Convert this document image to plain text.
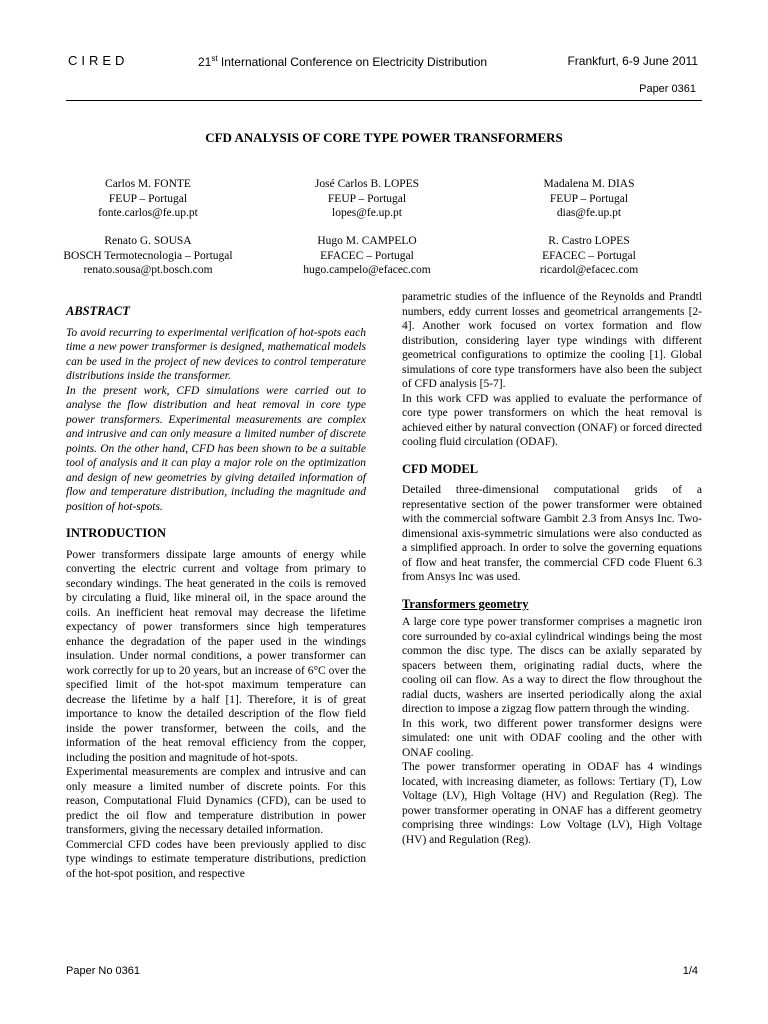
CIRED	21st International Conference on Electricity Distribution	Frankfurt, 6-9 June 2011
Paper 0361
CFD ANALYSIS OF CORE TYPE POWER TRANSFORMERS
Carlos M. FONTE
FEUP – Portugal
fonte.carlos@fe.up.pt
José Carlos B. LOPES
FEUP – Portugal
lopes@fe.up.pt
Madalena M. DIAS
FEUP – Portugal
dias@fe.up.pt
Renato G. SOUSA
BOSCH Termotecnologia – Portugal
renato.sousa@pt.bosch.com
Hugo M. CAMPELO
EFACEC – Portugal
hugo.campelo@efacec.com
R. Castro LOPES
EFACEC – Portugal
ricardol@efacec.com
ABSTRACT

To avoid recurring to experimental verification of hot-spots each time a new power transformer is designed, mathematical models can be used in the project of new devices to control temperature distributions inside the transformer.

In the present work, CFD simulations were carried out to analyse the flow distribution and heat removal in core type power transformers. Experimental measurements are complex and intrusive and can only measure a limited number of discrete points. On the other hand, CFD has been shown to be a suitable tool of analysis and it can play a major role on the optimization and design of new geometries by giving detailed information of flow and temperature distribution, including the magnitude and position of hot-spots.

INTRODUCTION

Power transformers dissipate large amounts of energy while converting the electric current and voltage from primary to secondary windings. The heat generated in the coils is removed by circulating a fluid, like mineral oil, in the space around the coils. An inefficient heat removal may decrease the lifetime expectancy of power transformers since high temperatures enhance the degradation of the paper used in the windings insulation. Under normal conditions, a power transformer can work correctly for up to 20 years, but an increase of 6°C over the specified limit of the hot-spot maximum temperature can decrease the lifetime by a half [1]. Therefore, it is of great importance to know the detailed description of the flow field inside the power transformer, between the coils, and the information of the heat removal efficiency from the copper, including the position and magnitude of hot-spots.

Experimental measurements are complex and intrusive and can only measure a limited number of discrete points. For this reason, Computational Fluid Dynamics (CFD), can be used to predict the oil flow and temperature distribution in power transformers, giving the necessary detailed information.

Commercial CFD codes have been previously applied to disc type windings to estimate temperature distributions, prediction of the hot-spot position, and respective

parametric studies of the influence of the Reynolds and Prandtl numbers, eddy current losses and geometrical arrangements [2-4]. Another work focused on vortex formation and flow distribution, considering layer type windings with different geometrical configurations to optimize the cooling [1]. Global simulations of core type transformers have also been the subject of CFD analysis [5-7].

In this work CFD was applied to evaluate the performance of core type power transformers on which the heat removal is achieved either by natural convection (ONAF) or forced directed cooling fluid circulation (ODAF).

CFD MODEL

Detailed three-dimensional computational grids of a representative section of the power transformer were obtained with the commercial software Gambit 2.3 from Ansys Inc. Two-dimensional axis-symmetric simulations were also conducted as a simplified approach. In order to solve the governing equations of flow and heat transfer, the commercial CFD code Fluent 6.3 from Ansys Inc was used.

Transformers geometry

A large core type power transformer comprises a magnetic iron core surrounded by co-axial cylindrical windings being the most common the disc type. The discs can be axially separated by spacers between them, originating radial ducts, where the cooling oil can flow. As a way to direct the flow throughout the radial ducts, washers are inserted periodically along the axial direction to impose a zigzag flow pattern through the winding.

In this work, two different power transformer designs were simulated: one unit with ODAF cooling and the other with ONAF cooling.

The power transformer operating in ODAF has 4 windings located, with increasing diameter, as follows: Tertiary (T), Low Voltage (LV), High Voltage (HV) and Regulation (Reg). The power transformer operating in ONAF has a different geometry comprising three windings: Low Voltage (LV), High Voltage (HV) and Regulation (Reg).

Paper No 0361	1/4
